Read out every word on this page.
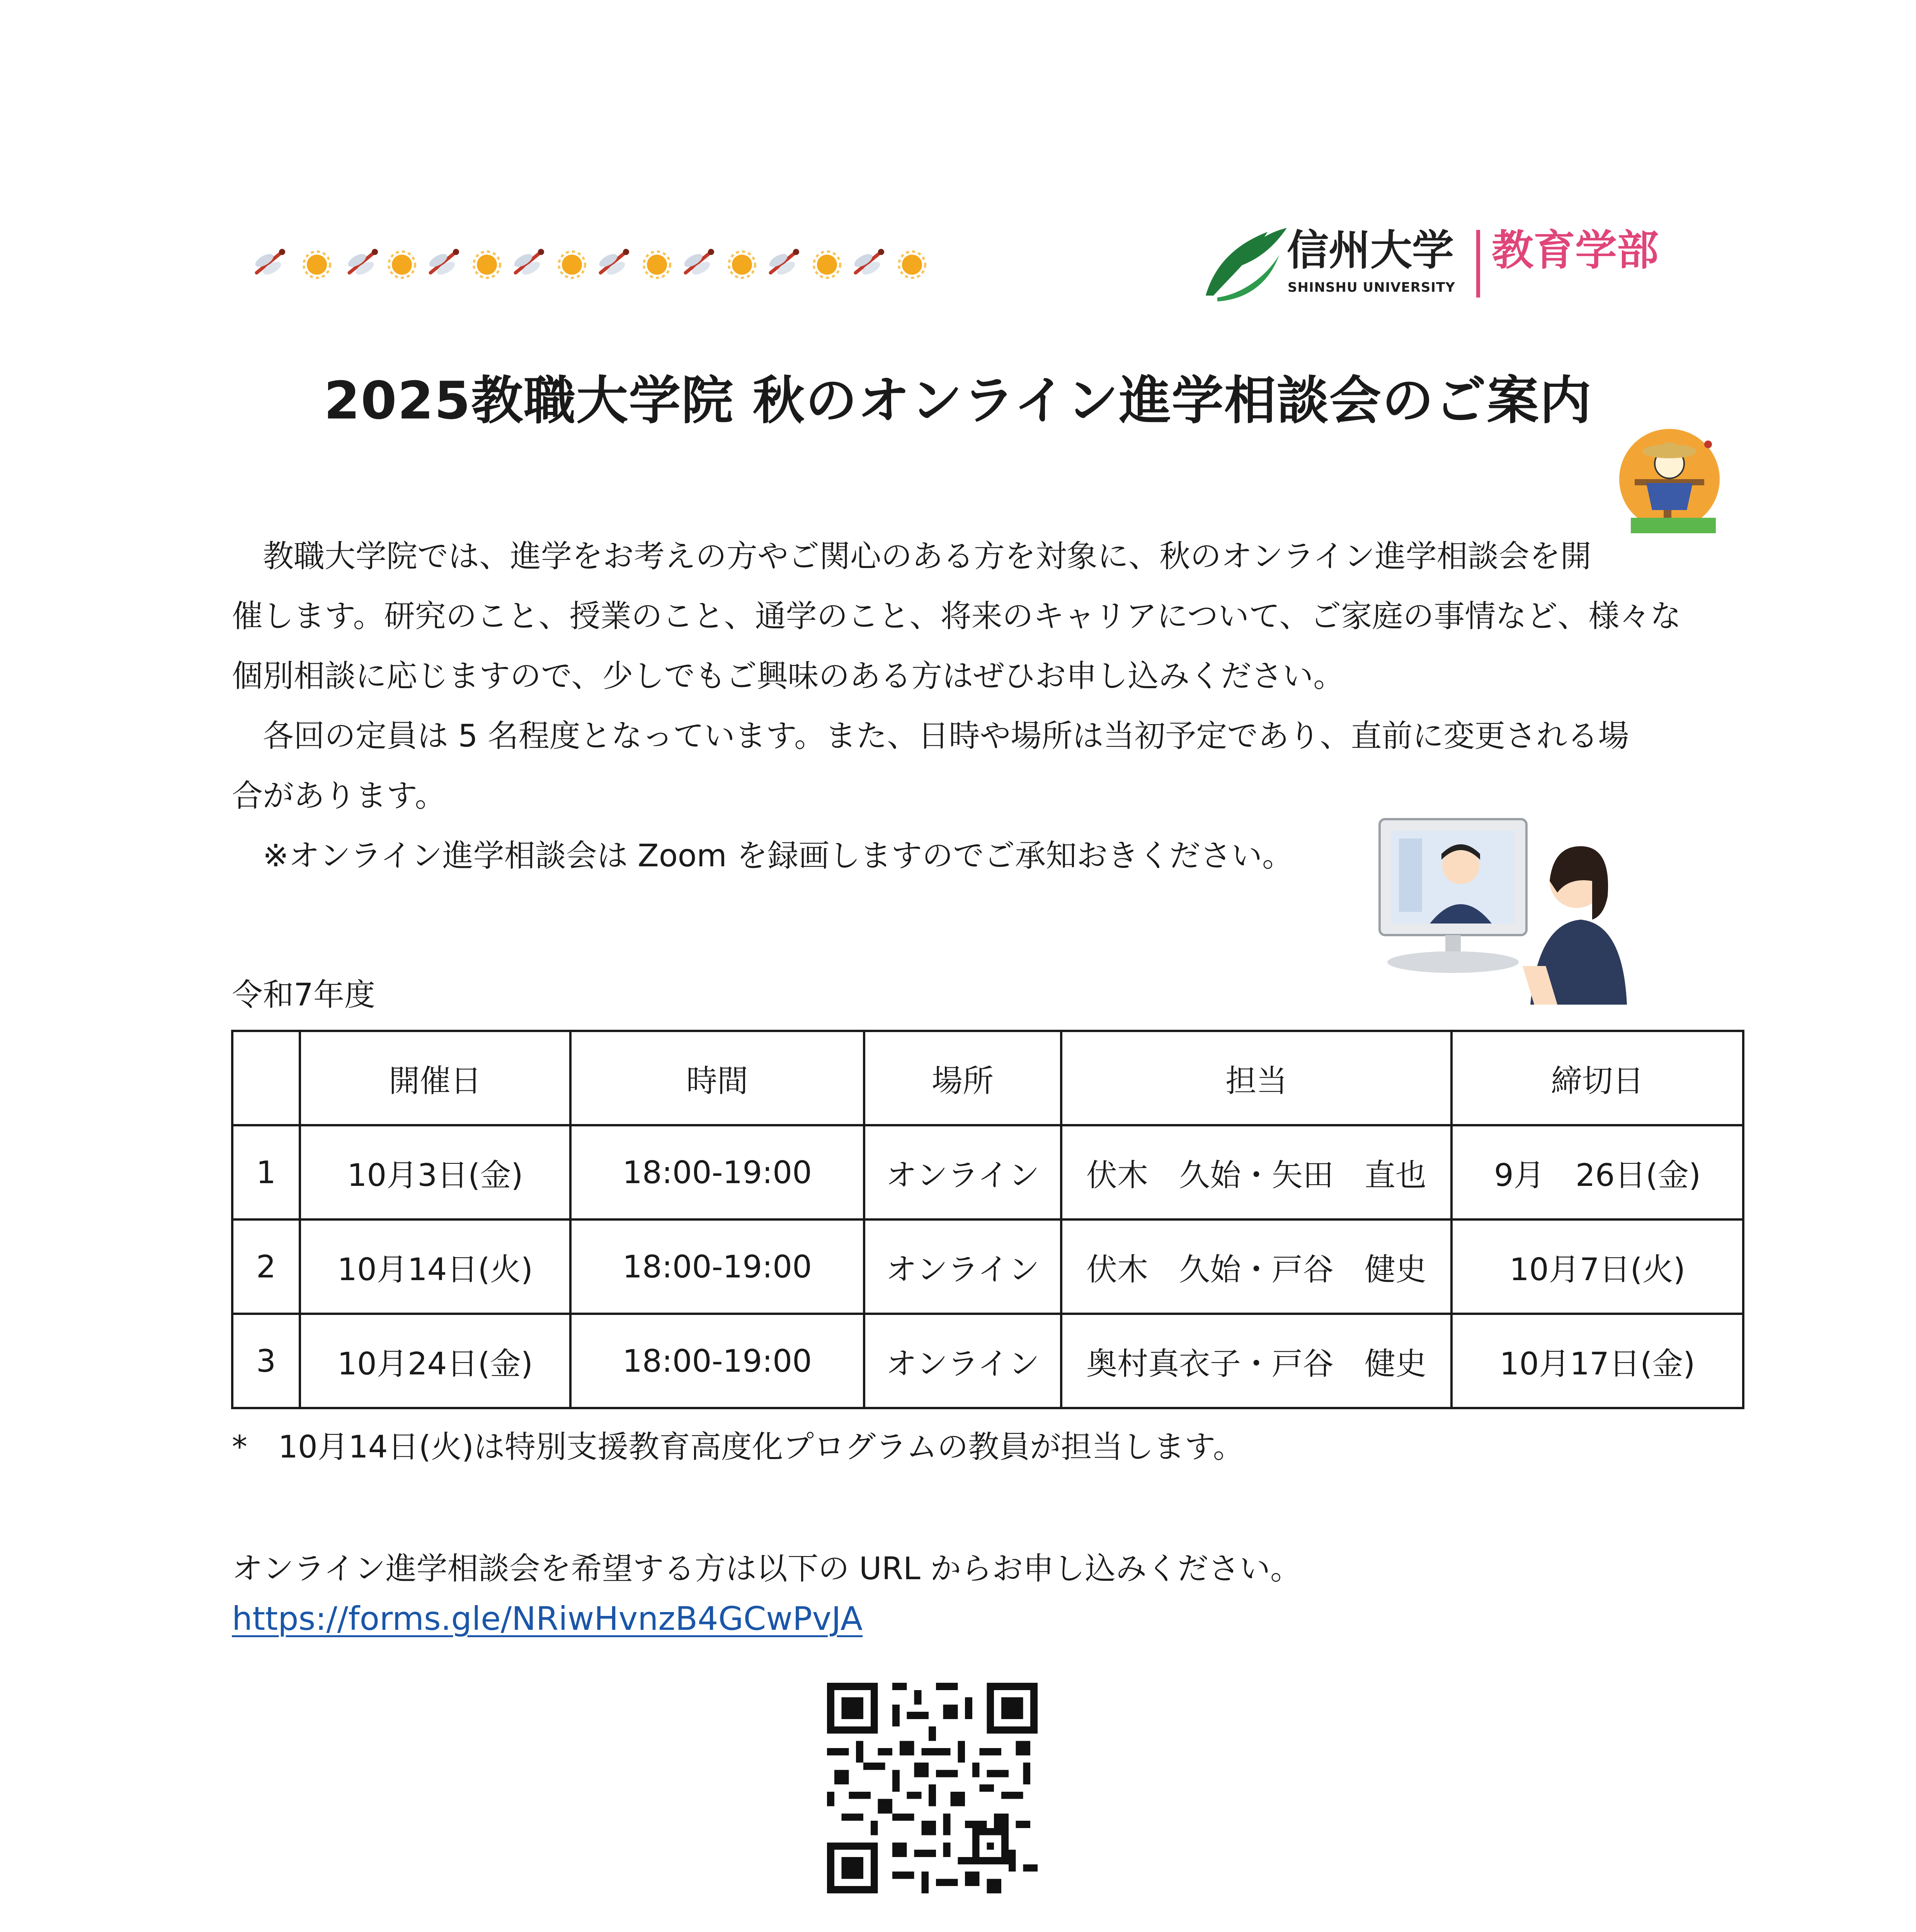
信州大学
SHINSHU UNIVERSITY
教育学部
2025教職大学院 秋のオンライン進学相談会のご案内
　教職大学院では、進学をお考えの方やご関心のある方を対象に、秋のオンライン進学相談会を開
催します。研究のこと、授業のこと、通学のこと、将来のキャリアについて、ご家庭の事情など、様々な
個別相談に応じますので、少しでもご興味のある方はぜひお申し込みください。
　各回の定員は 5 名程度となっています。また、日時や場所は当初予定であり、直前に変更される場
合があります。
　※オンライン進学相談会は Zoom を録画しますのでご承知おきください。
令和7年度
	開催日	時間	場所	担当	締切日
1	10月3日(金)	18:00-19:00	オンライン	伏木　久始・矢田　直也	9月　26日(金)
2	10月14日(火)	18:00-19:00	オンライン	伏木　久始・戸谷　健史	10月7日(火)
3	10月24日(金)	18:00-19:00	オンライン	奥村真衣子・戸谷　健史	10月17日(金)
*　10月14日(火)は特別支援教育高度化プログラムの教員が担当します。
オンライン進学相談会を希望する方は以下の URL からお申し込みください。
https://forms.gle/NRiwHvnzB4GCwPvJA
